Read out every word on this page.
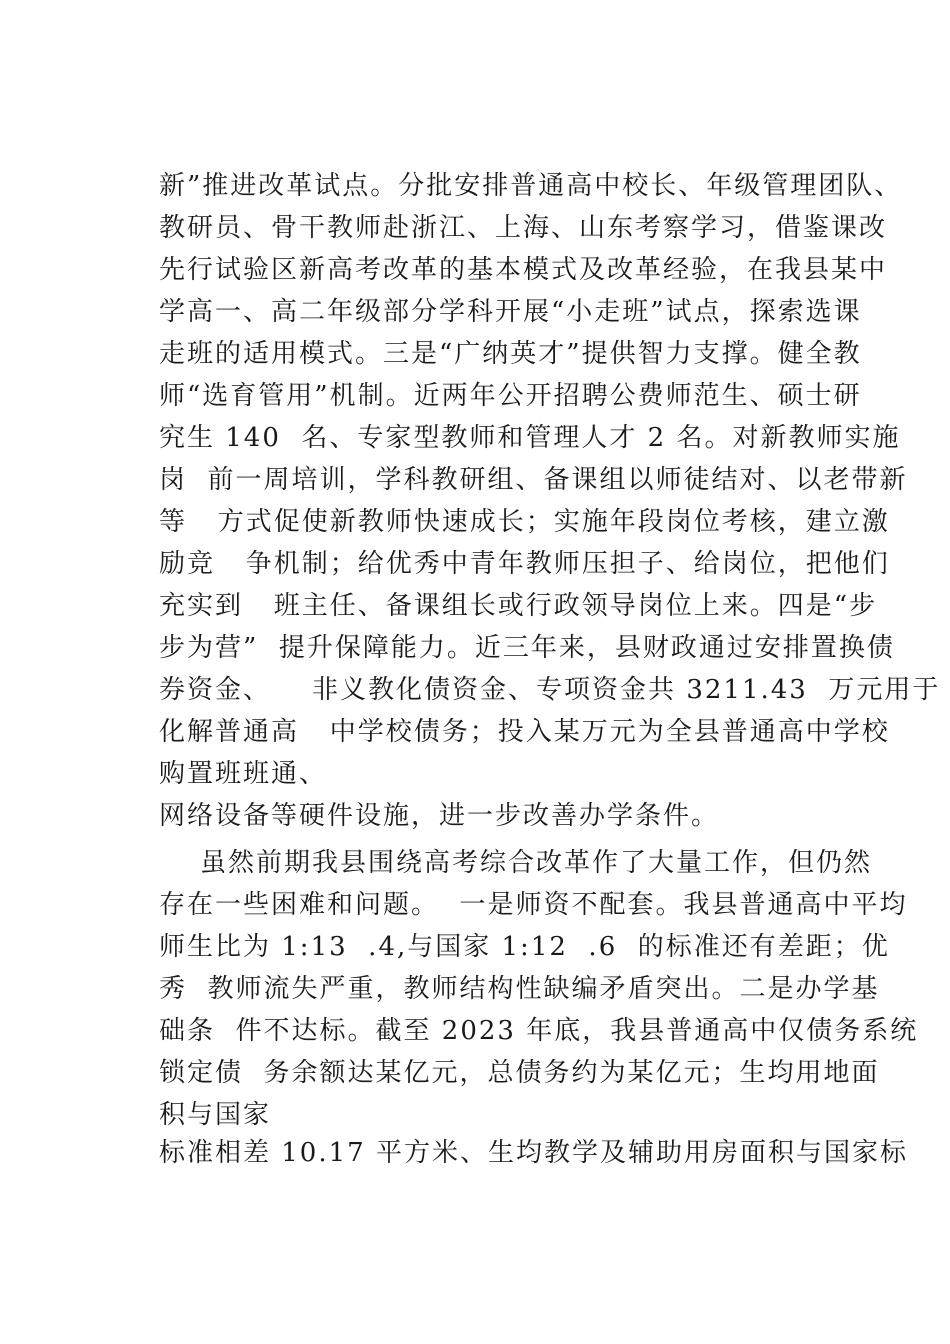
新”推进改革试点。分批安排普通高中校长、年级管理团队、
教研员、骨干教师赴浙江、上海、山东考察学习，借鉴课改
先行试验区新高考改革的基本模式及改革经验，在我县某中
学高一、高二年级部分学科开展“小走班”试点，探索选课
走班的适用模式。三是“广纳英才”提供智力支撑。健全教
师“选育管用”机制。近两年公开招聘公费师范生、硕士研
究生 140  名、专家型教师和管理人才 2 名。对新教师实施
岗  前一周培训，学科教研组、备课组以师徒结对、以老带新
等   方式促使新教师快速成长；实施年段岗位考核，建立激
励竞   争机制；给优秀中青年教师压担子、给岗位，把他们
充实到   班主任、备课组长或行政领导岗位上来。四是“步
步为营”  提升保障能力。近三年来，县财政通过安排置换债
券资金、    非义教化债资金、专项资金共 3211.43  万元用于
化解普通高   中学校债务；投入某万元为全县普通高中学校
购置班班通、
网络设备等硬件设施，进一步改善办学条件。
虽然前期我县围绕高考综合改革作了大量工作，但仍然
存在一些困难和问题。  一是师资不配套。我县普通高中平均
师生比为 1:13  .4,与国家 1:12  .6  的标准还有差距；优
秀  教师流失严重，教师结构性缺编矛盾突出。二是办学基
础条  件不达标。截至 2023 年底，我县普通高中仅债务系统
锁定债  务余额达某亿元，总债务约为某亿元；生均用地面
积与国家
标准相差 10.17 平方米、生均教学及辅助用房面积与国家标
